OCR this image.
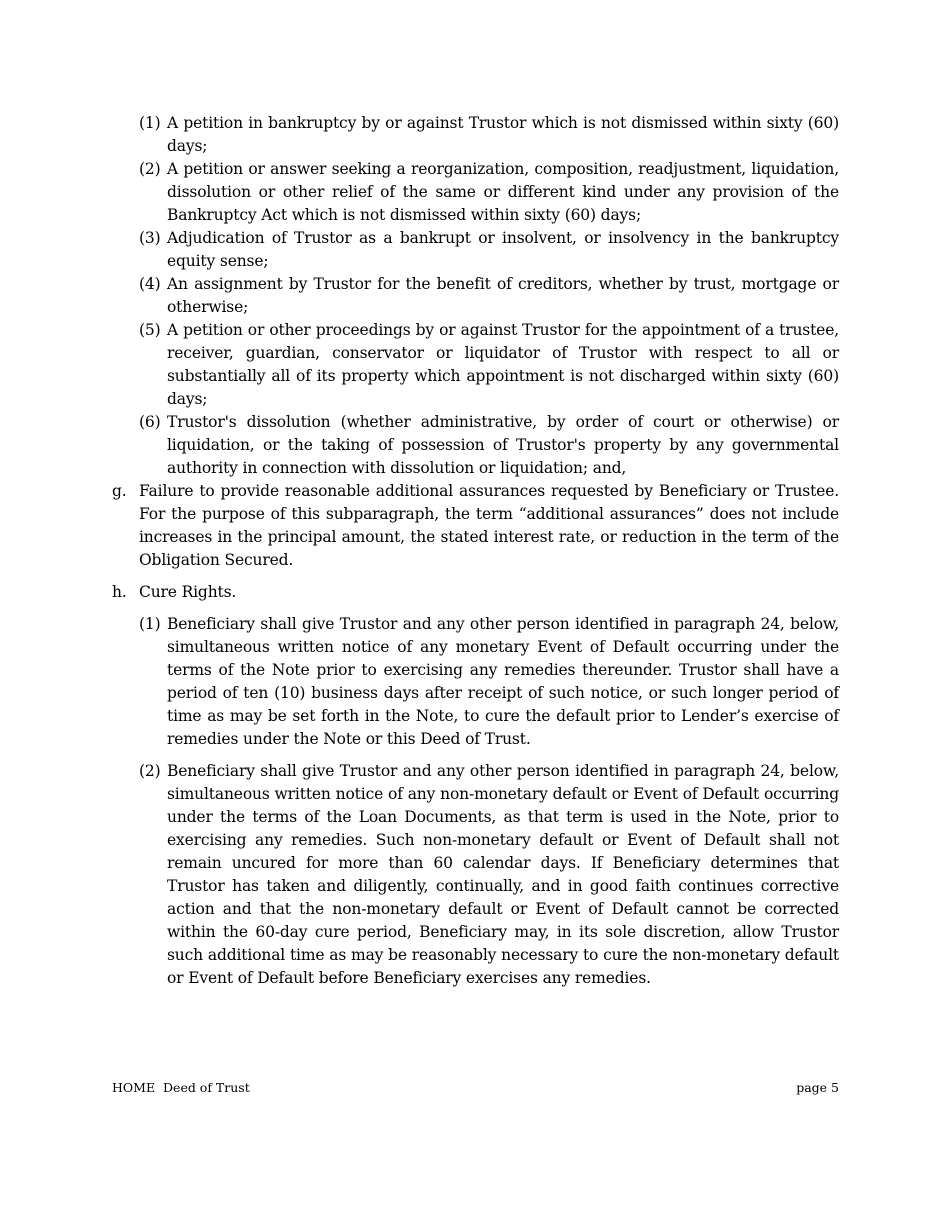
(1) A petition in bankruptcy by or against Trustor which is not dismissed within sixty (60) days;
(2) A petition or answer seeking a reorganization, composition, readjustment, liquidation, dissolution or other relief of the same or different kind under any provision of the Bankruptcy Act which is not dismissed within sixty (60) days;
(3) Adjudication of Trustor as a bankrupt or insolvent, or insolvency in the bankruptcy equity sense;
(4) An assignment by Trustor for the benefit of creditors, whether by trust, mortgage or otherwise;
(5) A petition or other proceedings by or against Trustor for the appointment of a trustee, receiver, guardian, conservator or liquidator of Trustor with respect to all or substantially all of its property which appointment is not discharged within sixty (60) days;
(6) Trustor's dissolution (whether administrative, by order of court or otherwise) or liquidation, or the taking of possession of Trustor's property by any governmental authority in connection with dissolution or liquidation; and,
g. Failure to provide reasonable additional assurances requested by Beneficiary or Trustee. For the purpose of this subparagraph, the term “additional assurances” does not include increases in the principal amount, the stated interest rate, or reduction in the term of the Obligation Secured.
h. Cure Rights.
(1) Beneficiary shall give Trustor and any other person identified in paragraph 24, below, simultaneous written notice of any monetary Event of Default occurring under the terms of the Note prior to exercising any remedies thereunder. Trustor shall have a period of ten (10) business days after receipt of such notice, or such longer period of time as may be set forth in the Note, to cure the default prior to Lender’s exercise of remedies under the Note or this Deed of Trust.
(2) Beneficiary shall give Trustor and any other person identified in paragraph 24, below, simultaneous written notice of any non-monetary default or Event of Default occurring under the terms of the Loan Documents, as that term is used in the Note, prior to exercising any remedies. Such non-monetary default or Event of Default shall not remain uncured for more than 60 calendar days. If Beneficiary determines that Trustor has taken and diligently, continually, and in good faith continues corrective action and that the non-monetary default or Event of Default cannot be corrected within the 60-day cure period, Beneficiary may, in its sole discretion, allow Trustor such additional time as may be reasonably necessary to cure the non-monetary default or Event of Default before Beneficiary exercises any remedies.
HOME  Deed of Trust	page 5
